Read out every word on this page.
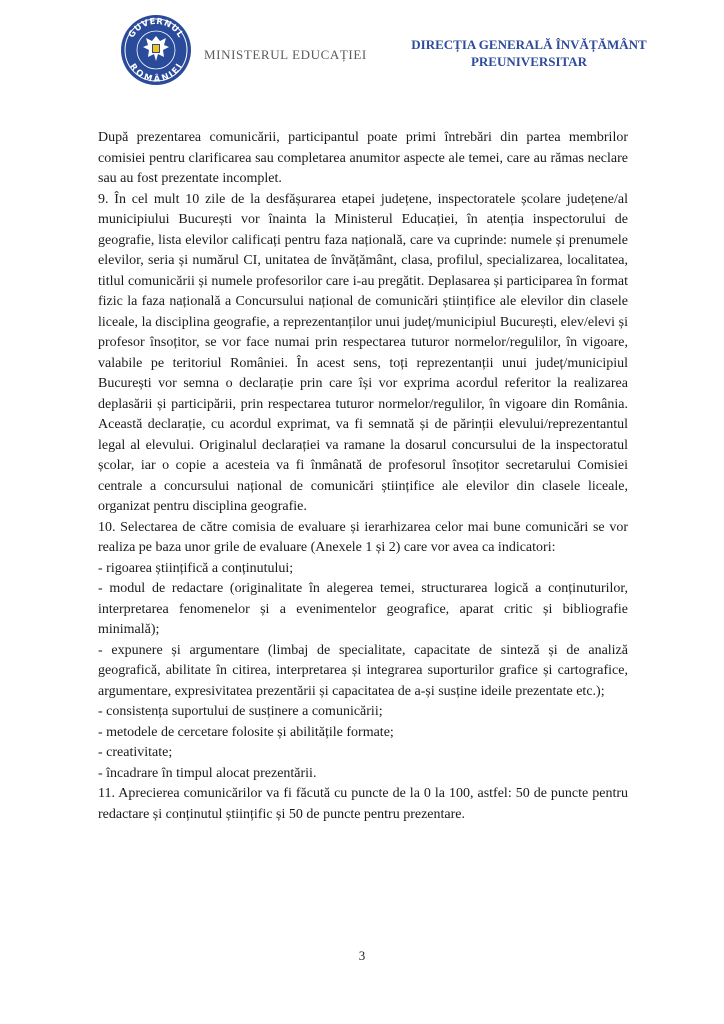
GUVERNUL
ROMÂNIEI
MINISTERUL EDUCAȚIEI
DIRECȚIA GENERALĂ ÎNVĂȚĂMÂNT
PREUNIVERSITAR

După prezentarea comunicării, participantul poate primi întrebări din partea membrilor comisiei pentru clarificarea sau completarea anumitor aspecte ale temei, care au rămas neclare sau au fost prezentate incomplet.

9. În cel mult 10 zile de la desfășurarea etapei județene, inspectoratele școlare județene/al municipiului București vor înainta la Ministerul Educației, în atenția inspectorului de geografie, lista elevilor calificați pentru faza națională, care va cuprinde: numele și prenumele elevilor, seria și numărul CI, unitatea de învățământ, clasa, profilul, specializarea, localitatea, titlul comunicării și numele profesorilor care i-au pregătit. Deplasarea și participarea în format fizic la faza națională a Concursului național de comunicări științifice ale elevilor din clasele liceale, la disciplina geografie, a reprezentanților unui județ/municipiul București, elev/elevi și profesor însoțitor, se vor face numai prin respectarea tuturor normelor/regulilor, în vigoare, valabile pe teritoriul României. În acest sens, toți reprezentanții unui județ/municipiul București vor semna o declarație prin care își vor exprima acordul referitor la realizarea deplasării și participării, prin respectarea tuturor normelor/regulilor, în vigoare din România. Această declarație, cu acordul exprimat, va fi semnată și de părinții elevului/reprezentantul legal al elevului. Originalul declarației va ramane la dosarul concursului de la inspectoratul școlar, iar o copie a acesteia va fi înmânată de profesorul însoțitor secretarului Comisiei centrale a concursului național de comunicări științifice ale elevilor din clasele liceale, organizat pentru disciplina geografie.

10. Selectarea de către comisia de evaluare și ierarhizarea celor mai bune comunicări se vor realiza pe baza unor grile de evaluare (Anexele 1 și 2) care vor avea ca indicatori:

- rigoarea științifică a conținutului;

- modul de redactare (originalitate în alegerea temei, structurarea logică a conținuturilor, interpretarea fenomenelor și a evenimentelor geografice, aparat critic și bibliografie minimală);

- expunere și argumentare (limbaj de specialitate, capacitate de sinteză și de analiză geografică, abilitate în citirea, interpretarea și integrarea suporturilor grafice și cartografice, argumentare, expresivitatea prezentării și capacitatea de a-și susține ideile prezentate etc.);

- consistența suportului de susținere a comunicării;

- metodele de cercetare folosite și abilitățile formate;

- creativitate;

- încadrare în timpul alocat prezentării.

11. Aprecierea comunicărilor va fi făcută cu puncte de la 0 la 100, astfel: 50 de puncte pentru redactare și conținutul științific și 50 de puncte pentru prezentare.

3
